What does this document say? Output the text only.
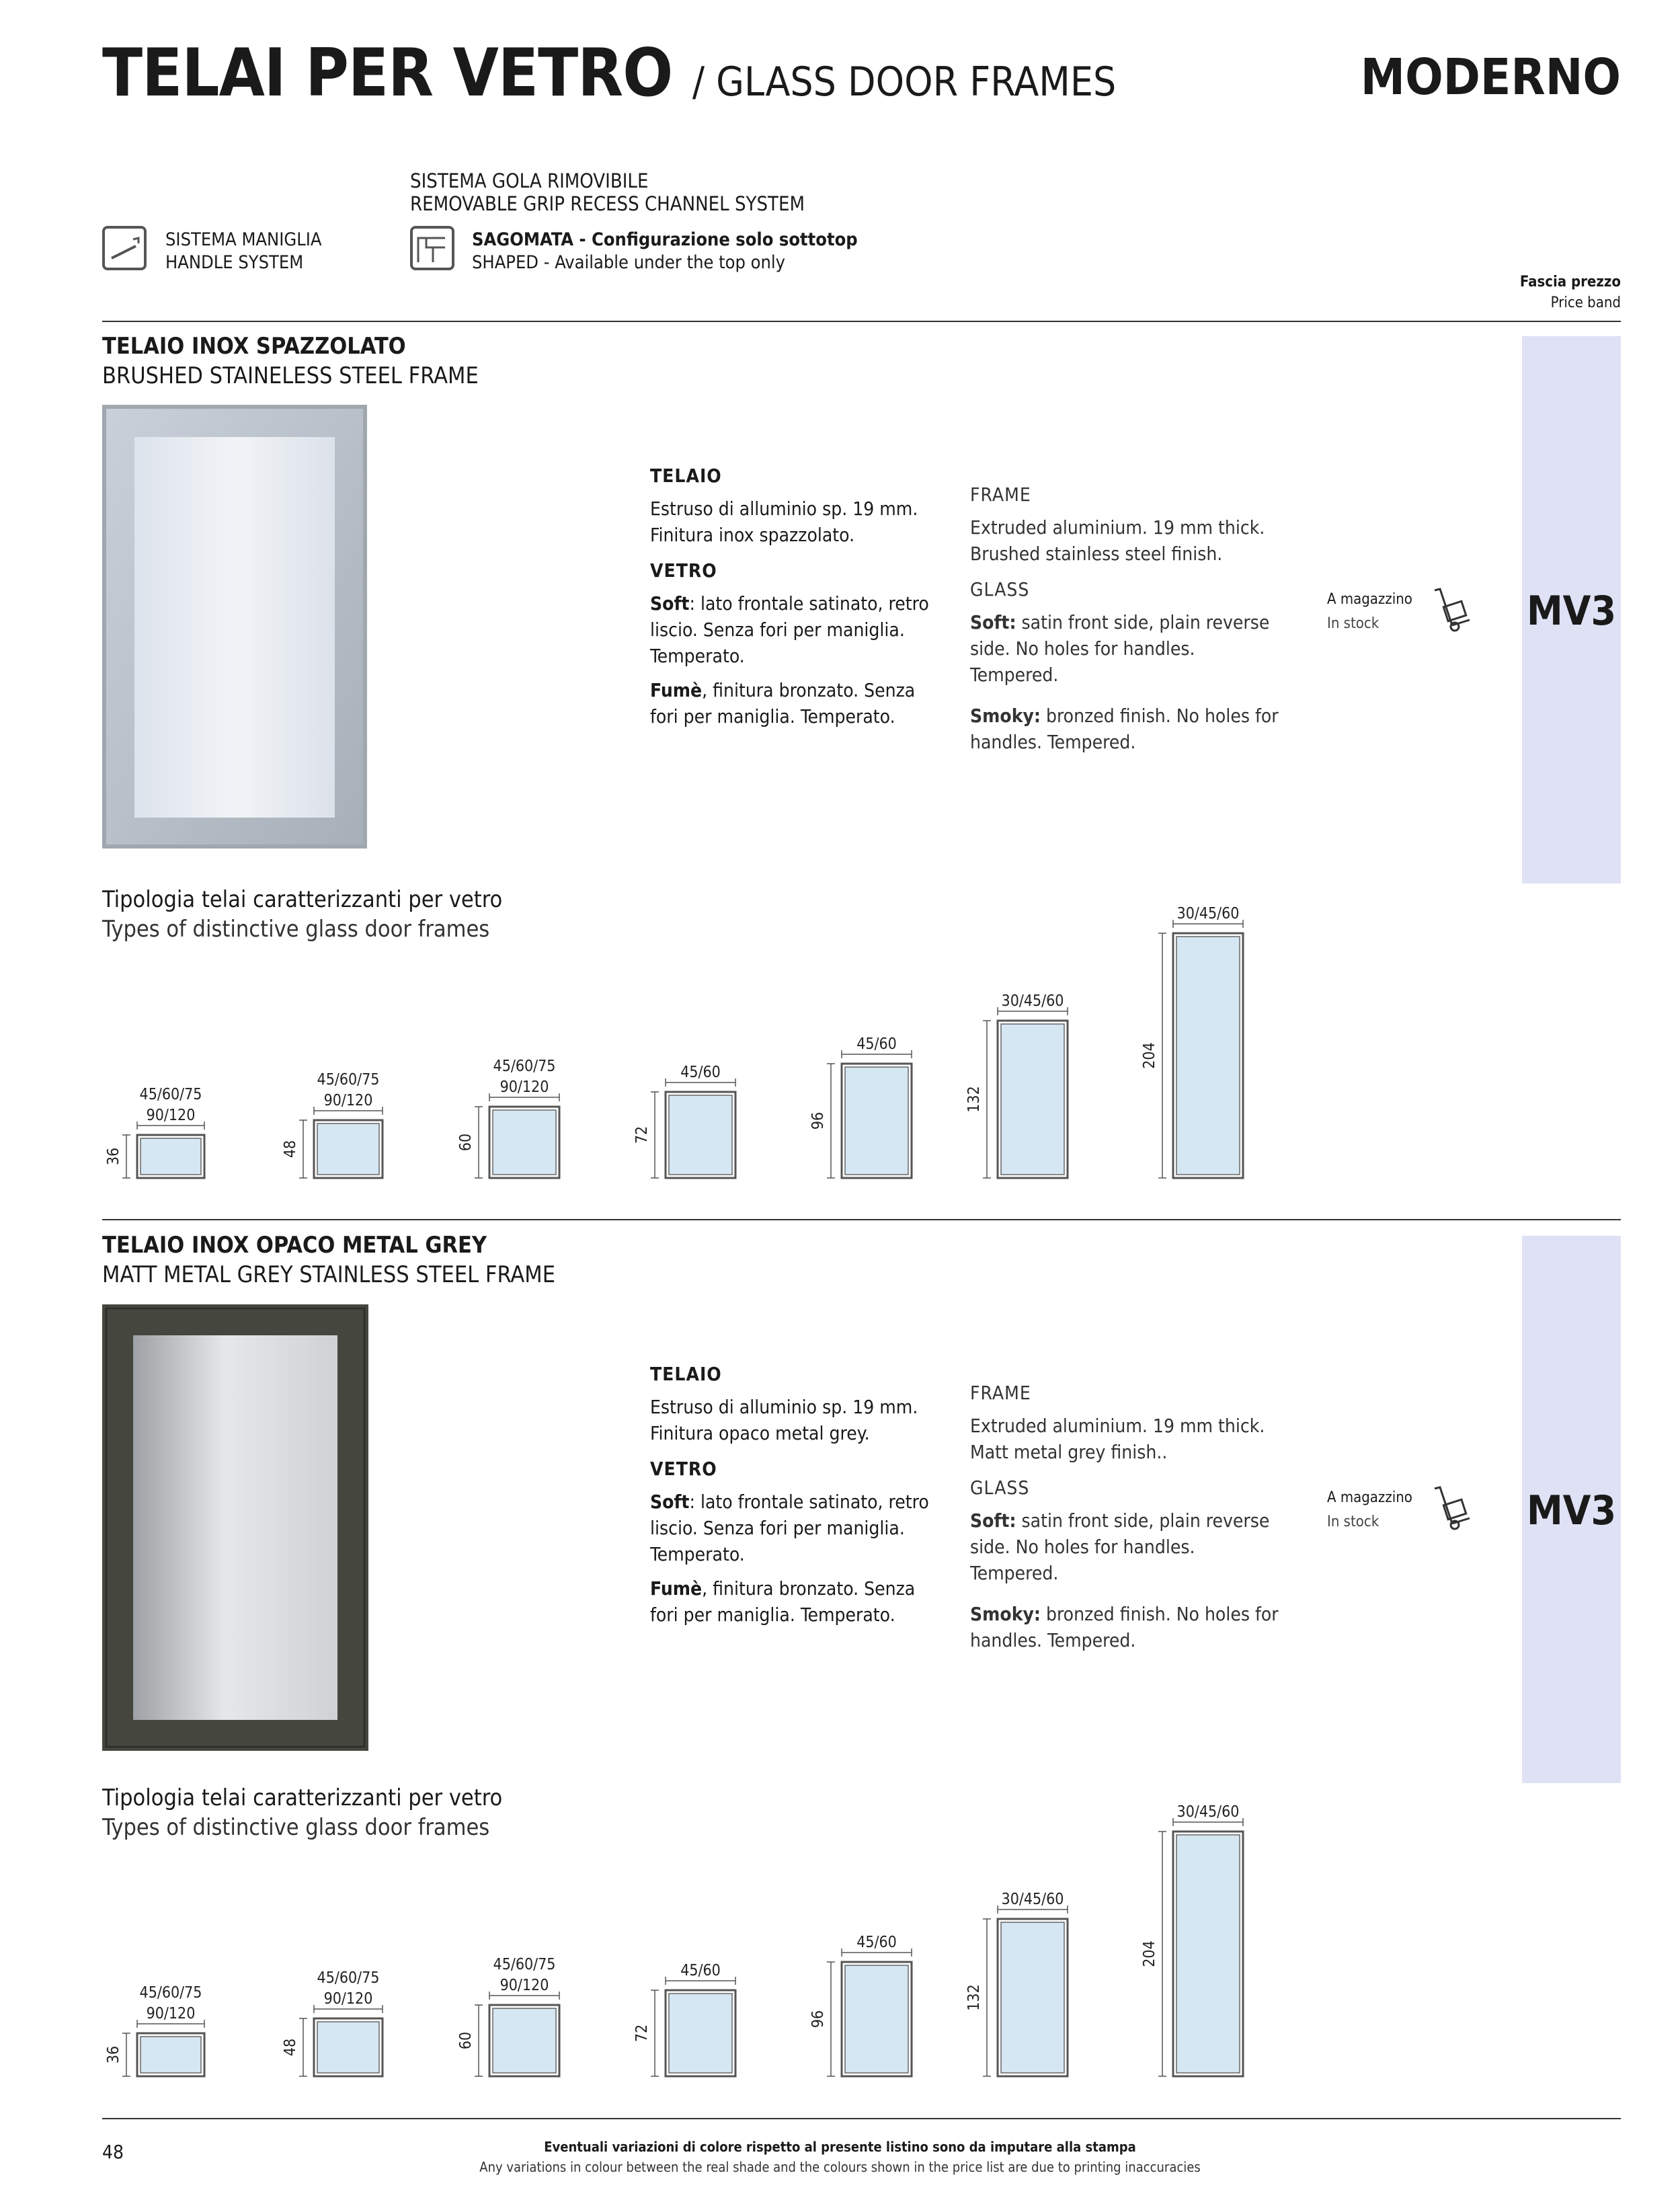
TELAI PER VETRO / GLASS DOOR FRAMES	MODERNO
SISTEMA MANIGLIA
HANDLE SYSTEM
SISTEMA GOLA RIMOVIBILE
REMOVABLE GRIP RECESS CHANNEL SYSTEM
SAGOMATA - Configurazione solo sottotop
SHAPED - Available under the top only
Fascia prezzo
Price band
MV3
TELAIO INOX SPAZZOLATO
BRUSHED STAINELESS STEEL FRAME
TELAIO
Estruso di alluminio sp. 19 mm. Finitura inox spazzolato.
VETRO
Soft: lato frontale satinato, retro liscio. Senza fori per maniglia. Temperato.
Fumè, finitura bronzato. Senza fori per maniglia. Temperato.
FRAME
Extruded aluminium. 19 mm thick. Brushed stainless steel finish.
GLASS
Soft: satin front side, plain reverse side. No holes for handles. Tempered.
Smoky: bronzed finish. No holes for handles. Tempered.
A magazzino
In stock
Tipologia telai caratterizzanti per vetro
Types of distinctive glass door frames
45/60/75
90/120
36
45/60/75
90/120
48
45/60/75
90/120
60
45/60
72
45/60
96
30/45/60
132
30/45/60
204
MV3
TELAIO INOX OPACO METAL GREY
MATT METAL GREY STAINLESS STEEL FRAME
TELAIO
Estruso di alluminio sp. 19 mm. Finitura opaco metal grey.
VETRO
Soft: lato frontale satinato, retro liscio. Senza fori per maniglia. Temperato.
Fumè, finitura bronzato. Senza fori per maniglia. Temperato.
FRAME
Extruded aluminium. 19 mm thick. Matt metal grey finish..
GLASS
Soft: satin front side, plain reverse side. No holes for handles. Tempered.
Smoky: bronzed finish. No holes for handles. Tempered.
A magazzino
In stock
Tipologia telai caratterizzanti per vetro
Types of distinctive glass door frames
45/60/75
90/120
36
45/60/75
90/120
48
45/60/75
90/120
60
45/60
72
45/60
96
30/45/60
132
30/45/60
204
48	Eventuali variazioni di colore rispetto al presente listino sono da imputare alla stampa
Any variations in colour between the real shade and the colours shown in the price list are due to printing inaccuracies
